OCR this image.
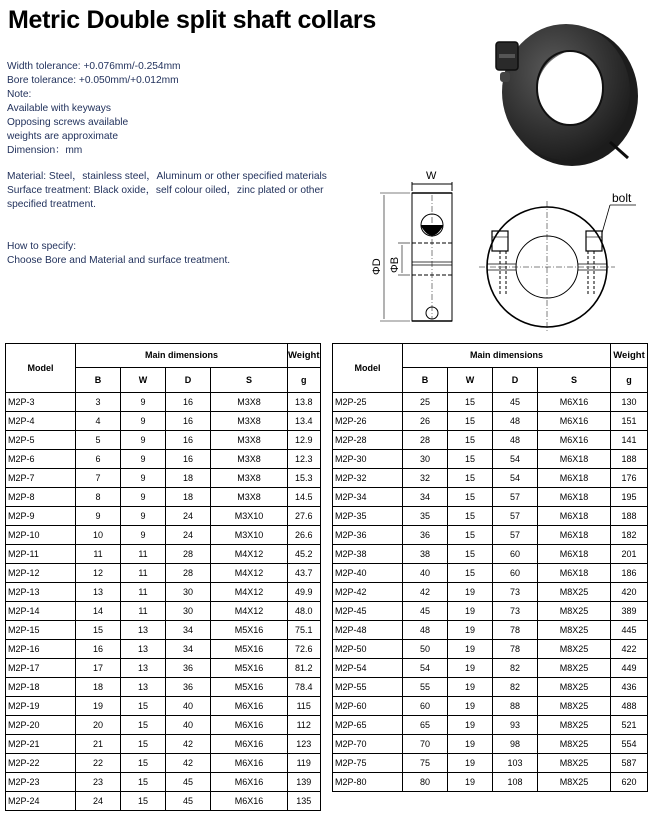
Metric Double split shaft collars
Width tolerance: +0.076mm/-0.254mm
Bore tolerance: +0.050mm/+0.012mm
Note:
Available with keyways
Opposing screws available
weights are approximate
Dimension：mm
Material: Steel，stainless steel，Aluminum or other specified materials
Surface treatment: Black oxide，self colour oiled，zinc plated or other specified treatment.
How to specify:
Choose Bore and Material and surface treatment.
W
ΦD ΦB
bolt
Model	Main dimensions				Weight
	B	W	D	S	g
M2P-3	3	9	16	M3X8	13.8
M2P-4	4	9	16	M3X8	13.4
M2P-5	5	9	16	M3X8	12.9
M2P-6	6	9	16	M3X8	12.3
M2P-7	7	9	18	M3X8	15.3
M2P-8	8	9	18	M3X8	14.5
M2P-9	9	9	24	M3X10	27.6
M2P-10	10	9	24	M3X10	26.6
M2P-11	11	11	28	M4X12	45.2
M2P-12	12	11	28	M4X12	43.7
M2P-13	13	11	30	M4X12	49.9
M2P-14	14	11	30	M4X12	48.0
M2P-15	15	13	34	M5X16	75.1
M2P-16	16	13	34	M5X16	72.6
M2P-17	17	13	36	M5X16	81.2
M2P-18	18	13	36	M5X16	78.4
M2P-19	19	15	40	M6X16	115
M2P-20	20	15	40	M6X16	112
M2P-21	21	15	42	M6X16	123
M2P-22	22	15	42	M6X16	119
M2P-23	23	15	45	M6X16	139
M2P-24	24	15	45	M6X16	135
Model	Main dimensions				Weight
	B	W	D	S	g
M2P-25	25	15	45	M6X16	130
M2P-26	26	15	48	M6X16	151
M2P-28	28	15	48	M6X16	141
M2P-30	30	15	54	M6X18	188
M2P-32	32	15	54	M6X18	176
M2P-34	34	15	57	M6X18	195
M2P-35	35	15	57	M6X18	188
M2P-36	36	15	57	M6X18	182
M2P-38	38	15	60	M6X18	201
M2P-40	40	15	60	M6X18	186
M2P-42	42	19	73	M8X25	420
M2P-45	45	19	73	M8X25	389
M2P-48	48	19	78	M8X25	445
M2P-50	50	19	78	M8X25	422
M2P-54	54	19	82	M8X25	449
M2P-55	55	19	82	M8X25	436
M2P-60	60	19	88	M8X25	488
M2P-65	65	19	93	M8X25	521
M2P-70	70	19	98	M8X25	554
M2P-75	75	19	103	M8X25	587
M2P-80	80	19	108	M8X25	620
